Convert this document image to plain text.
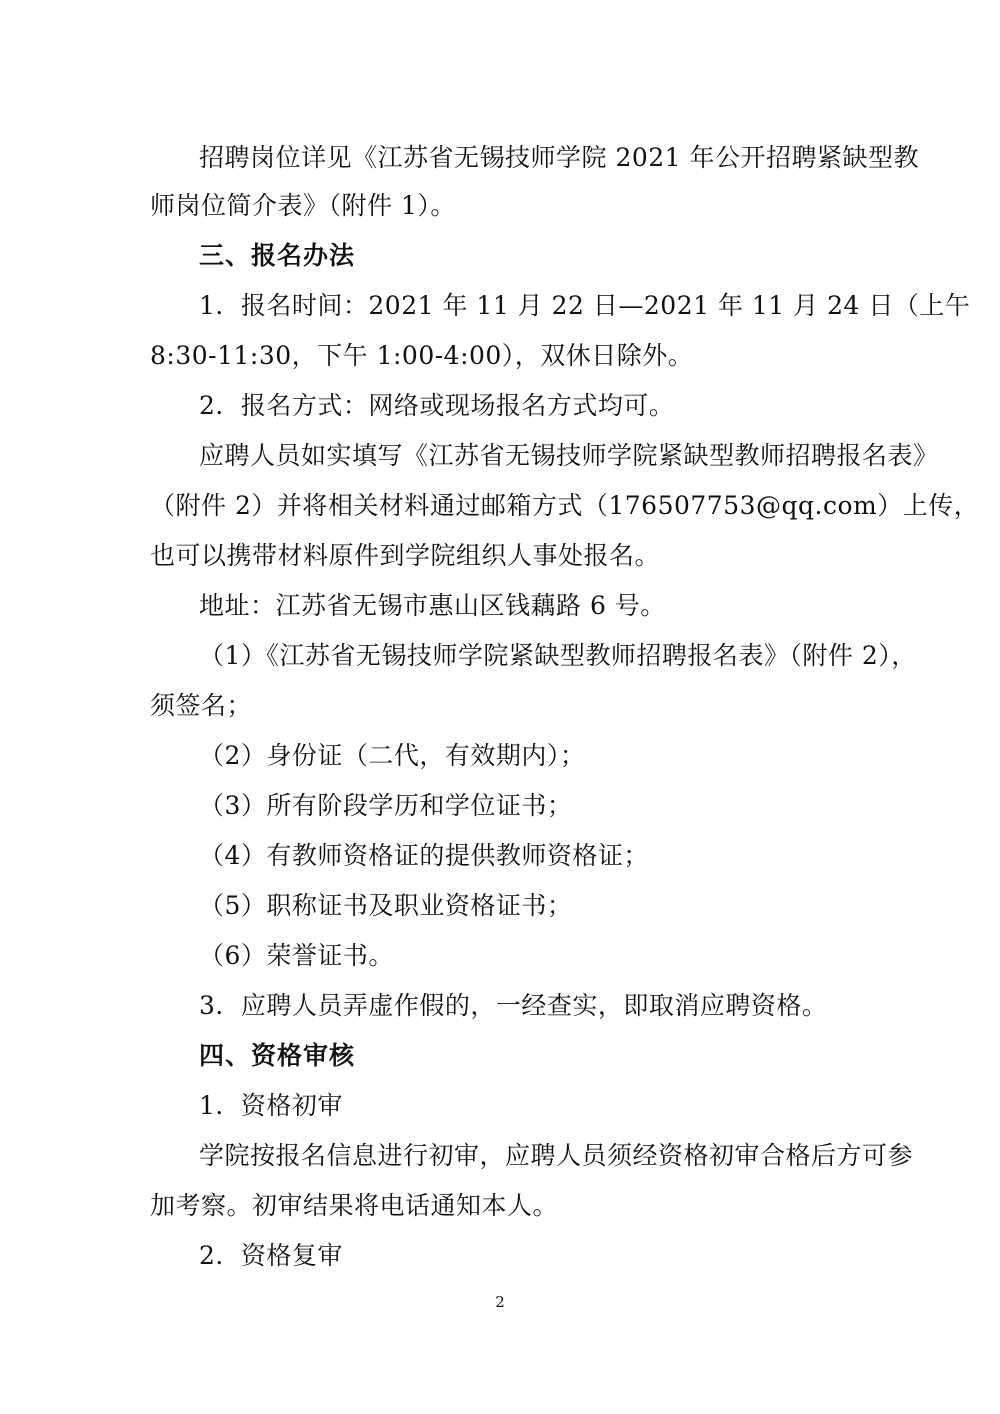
招聘岗位详见《江苏省无锡技师学院 2021 年公开招聘紧缺型教
师岗位简介表》（附件 1）。
三、报名办法
1．报名时间：2021 年 11 月 22 日—2021 年 11 月 24 日（上午
8:30-11:30，下午 1:00-4:00），双休日除外。
2．报名方式：网络或现场报名方式均可。
应聘人员如实填写《江苏省无锡技师学院紧缺型教师招聘报名表》
（附件 2）并将相关材料通过邮箱方式（176507753@qq.com）上传，
也可以携带材料原件到学院组织人事处报名。
地址：江苏省无锡市惠山区钱藕路 6 号。
（1）《江苏省无锡技师学院紧缺型教师招聘报名表》（附件 2），
须签名；
（2）身份证（二代，有效期内）；
（3）所有阶段学历和学位证书；
（4）有教师资格证的提供教师资格证；
（5）职称证书及职业资格证书；
（6）荣誉证书。
3．应聘人员弄虚作假的，一经查实，即取消应聘资格。
四、资格审核
1．资格初审
学院按报名信息进行初审，应聘人员须经资格初审合格后方可参
加考察。初审结果将电话通知本人。
2．资格复审
2
